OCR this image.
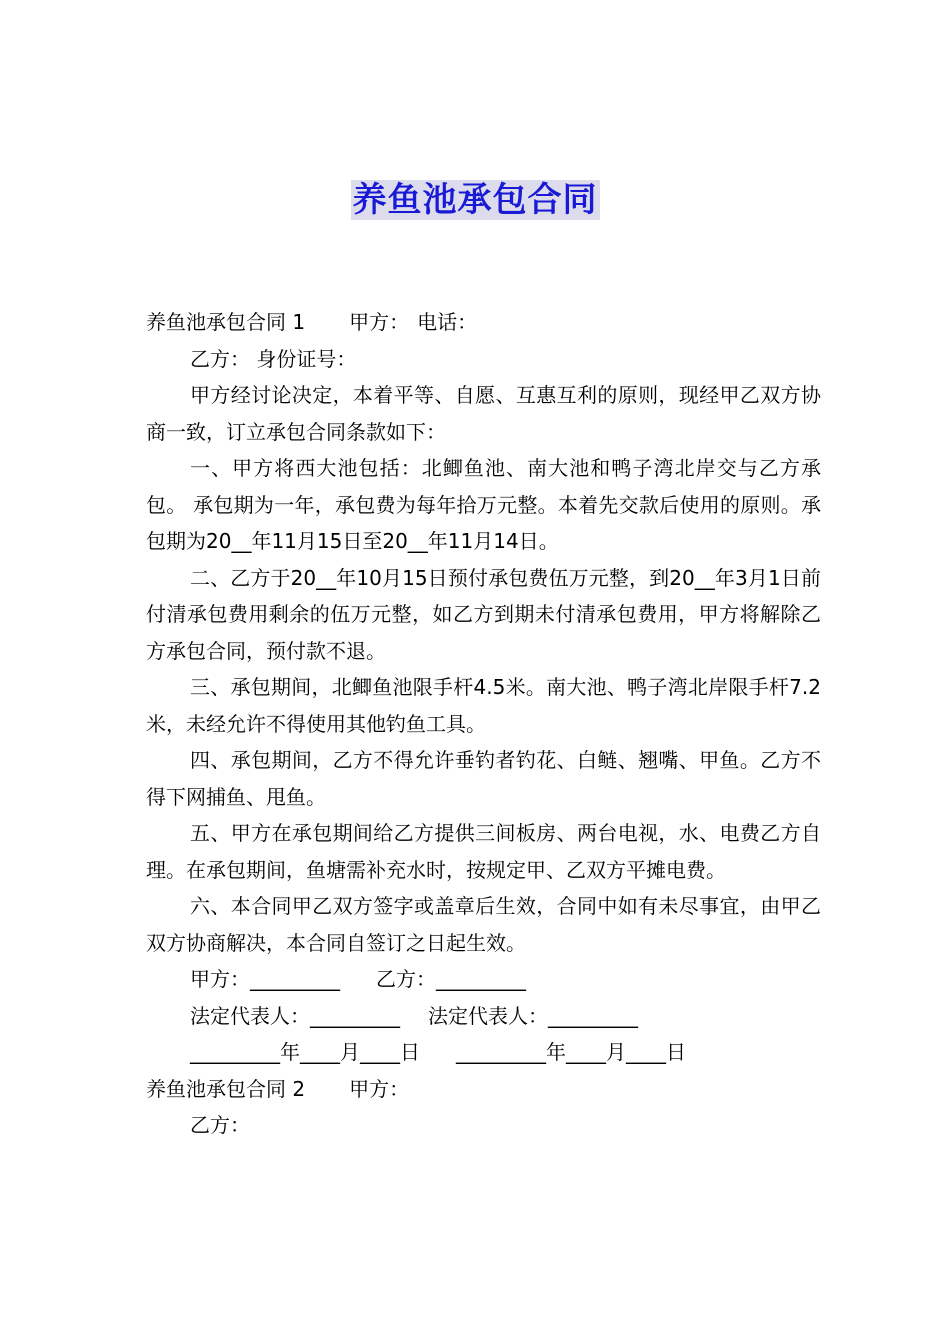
养鱼池承包合同
养鱼池承包合同 1 甲方： 电话：
乙方： 身份证号：

甲方经讨论决定，本着平等、自愿、互惠互利的原则，现经甲乙双方协商一致，订立承包合同条款如下：

一、甲方将西大池包括：北鲫鱼池、南大池和鸭子湾北岸交与乙方承包。 承包期为一年，承包费为每年拾万元整。本着先交款后使用的原则。承包期为20__年11月15日至20__年11月14日。

二、乙方于20__年10月15日预付承包费伍万元整，到20__年3月1日前付清承包费用剩余的伍万元整，如乙方到期未付清承包费用，甲方将解除乙方承包合同，预付款不退。

三、承包期间，北鲫鱼池限手杆4.5米。南大池、鸭子湾北岸限手杆7.2米，未经允许不得使用其他钓鱼工具。

四、承包期间，乙方不得允许垂钓者钓花、白鲢、翘嘴、甲鱼。乙方不得下网捕鱼、甩鱼。

五、甲方在承包期间给乙方提供三间板房、两台电视，水、电费乙方自理。在承包期间，鱼塘需补充水时，按规定甲、乙双方平摊电费。

六、本合同甲乙双方签字或盖章后生效，合同中如有未尽事宜，由甲乙双方协商解决，本合同自签订之日起生效。

甲方：_________ 乙方：_________
法定代表人：_________ 法定代表人：_________
_________年____月____日 _________年____月____日
养鱼池承包合同 2 甲方：
乙方：
